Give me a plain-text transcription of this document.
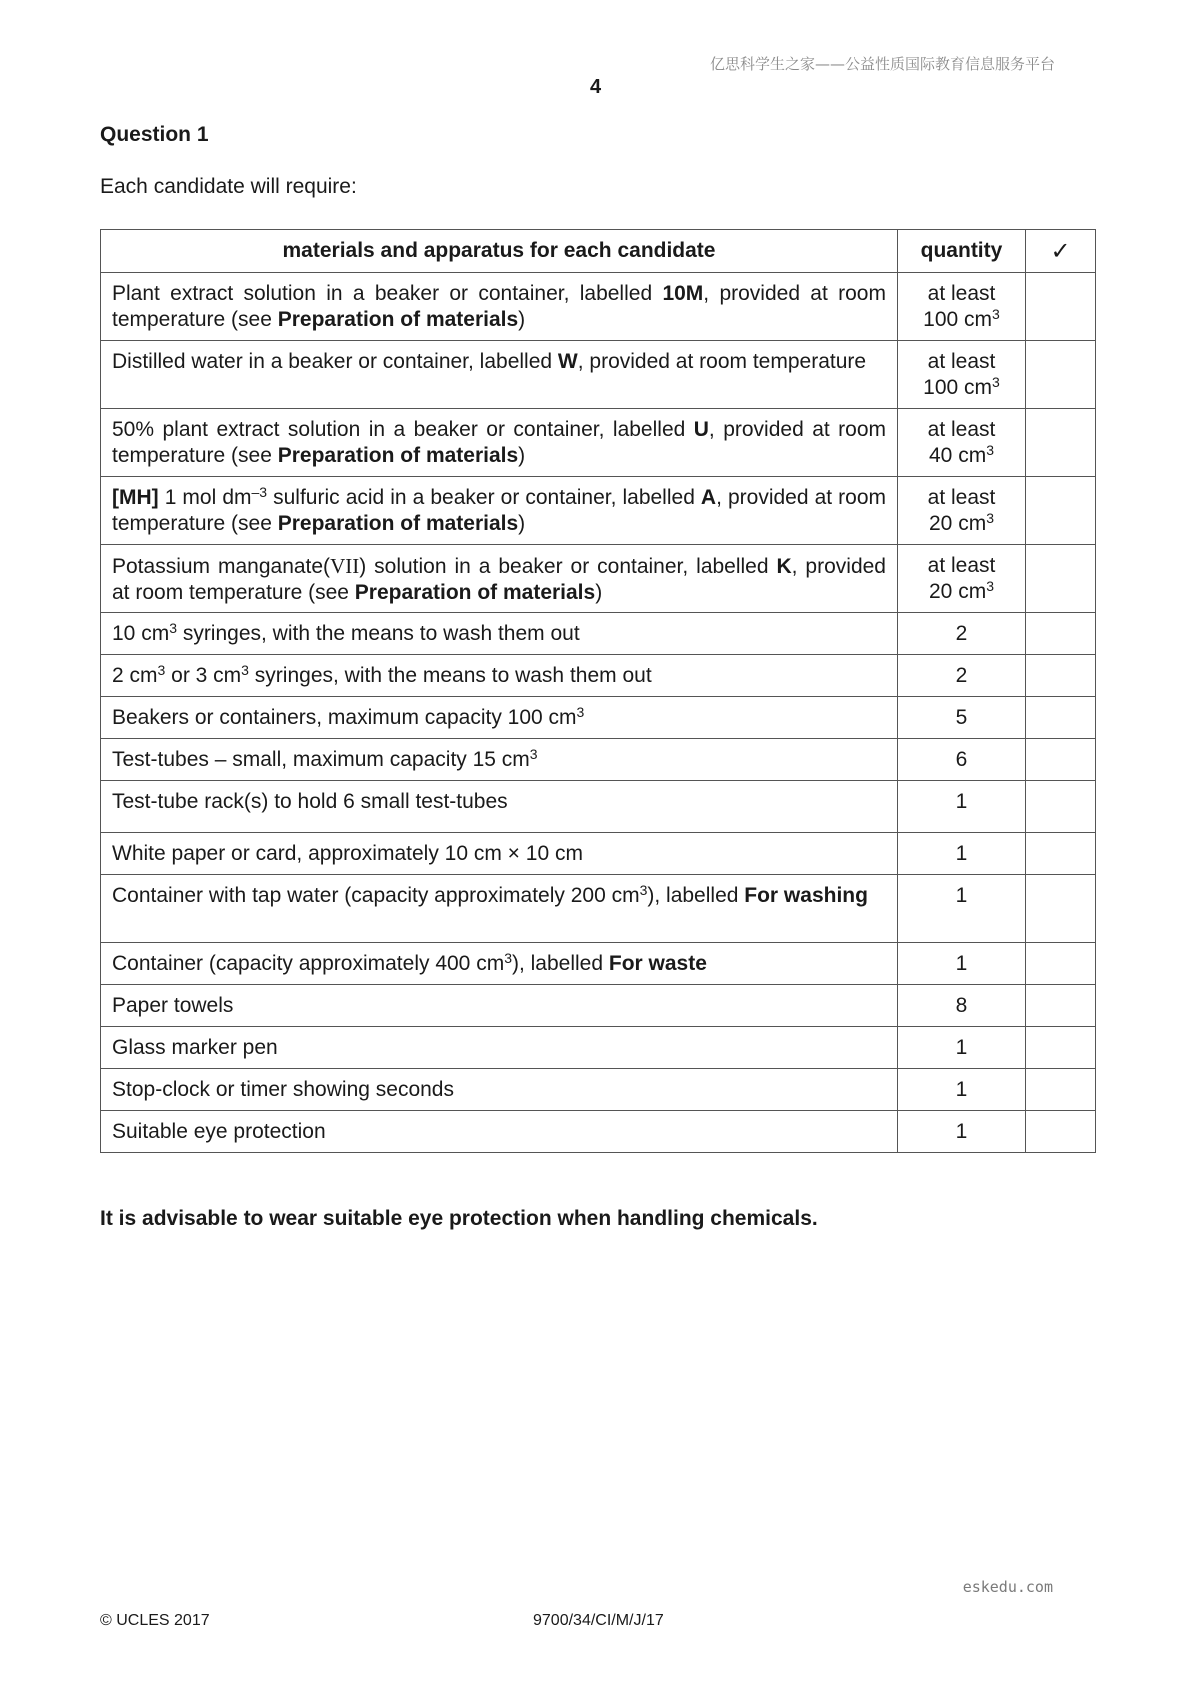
亿思科学生之家——公益性质国际教育信息服务平台
4
Question 1
Each candidate will require:
materials and apparatus for each candidate	quantity	✓
Plant extract solution in a beaker or container, labelled 10M, provided at room temperature (see Preparation of materials)	at least
100 $cm^3$	
Distilled water in a beaker or container, labelled W, provided at room temperature	at least
100 $cm^3$	
50% plant extract solution in a beaker or container, labelled U, provided at room temperature (see Preparation of materials)	at least
40 $cm^3$	
[MH] 1 mol $dm^{-3}$ sulfuric acid in a beaker or container, labelled A, provided at room temperature (see Preparation of materials)	at least
20 $cm^3$	
Potassium manganate(VII) solution in a beaker or container, labelled K, provided at room temperature (see Preparation of materials)	at least
20 $cm^3$	
10 $cm^3$ syringes, with the means to wash them out	2	
2 $cm^3$ or 3 $cm^3$ syringes, with the means to wash them out	2	
Beakers or containers, maximum capacity 100 $cm^3$	5	
Test-tubes – small, maximum capacity 15 $cm^3$	6	
Test-tube rack(s) to hold 6 small test-tubes	1	
White paper or card, approximately 10 cm × 10 cm	1	
Container with tap water (capacity approximately 200 $cm^3$), labelled For washing	1	
Container (capacity approximately 400 $cm^3$), labelled For waste	1	
Paper towels	8	
Glass marker pen	1	
Stop-clock or timer showing seconds	1	
Suitable eye protection	1	
It is advisable to wear suitable eye protection when handling chemicals.
eskedu.com
© UCLES 2017	9700/34/CI/M/J/17
